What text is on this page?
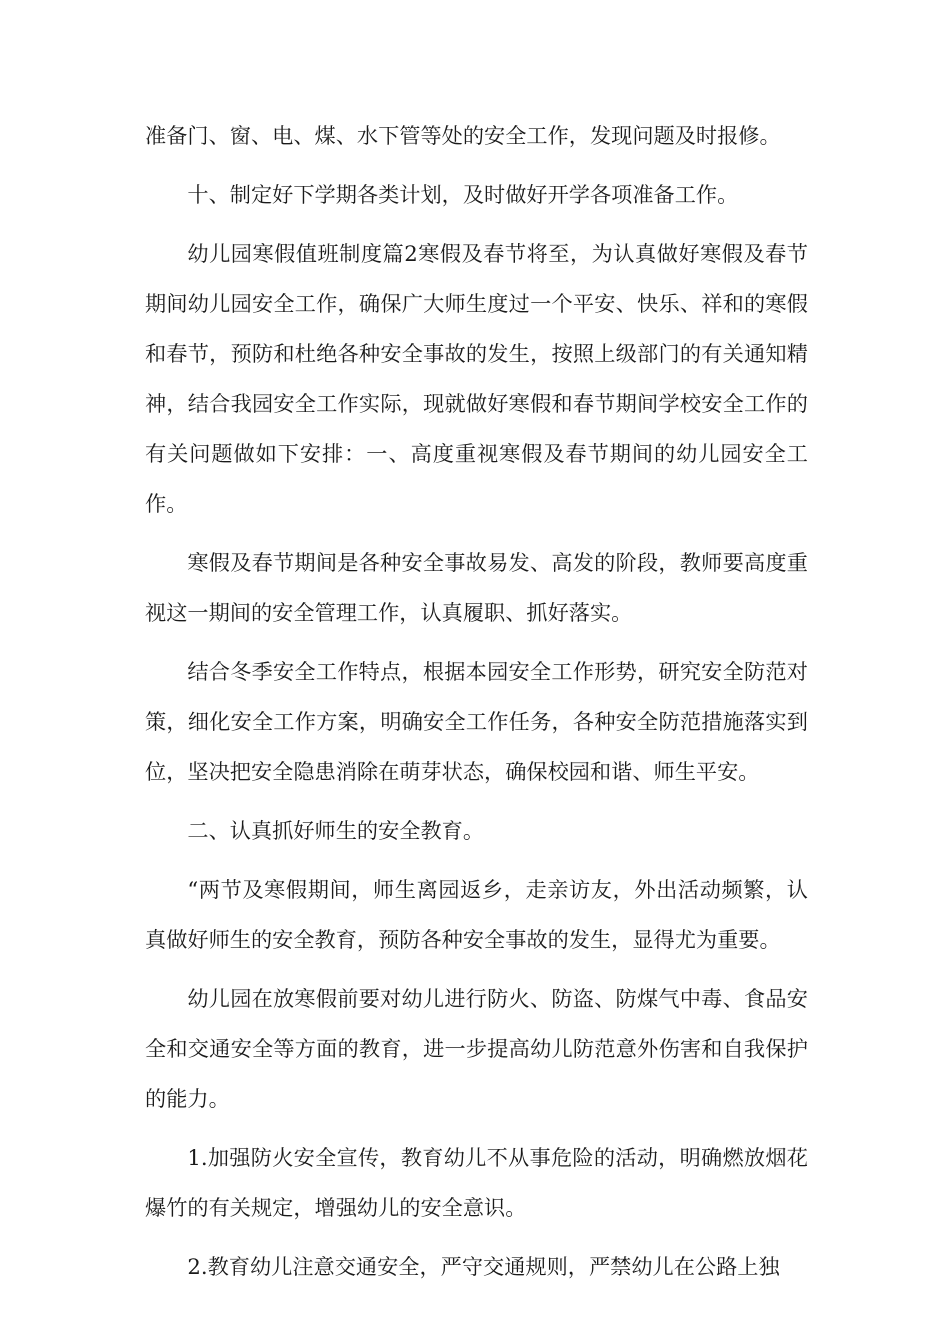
准备门、窗、电、煤、水下管等处的安全工作，发现问题及时报修。

十、制定好下学期各类计划，及时做好开学各项准备工作。

幼儿园寒假值班制度篇2寒假及春节将至，为认真做好寒假及春节期间幼儿园安全工作，确保广大师生度过一个平安、快乐、祥和的寒假和春节，预防和杜绝各种安全事故的发生，按照上级部门的有关通知精神，结合我园安全工作实际，现就做好寒假和春节期间学校安全工作的有关问题做如下安排：一、高度重视寒假及春节期间的幼儿园安全工作。

寒假及春节期间是各种安全事故易发、高发的阶段，教师要高度重视这一期间的安全管理工作，认真履职、抓好落实。

结合冬季安全工作特点，根据本园安全工作形势，研究安全防范对策，细化安全工作方案，明确安全工作任务，各种安全防范措施落实到位，坚决把安全隐患消除在萌芽状态，确保校园和谐、师生平安。

二、认真抓好师生的安全教育。

“两节及寒假期间，师生离园返乡，走亲访友，外出活动频繁，认真做好师生的安全教育，预防各种安全事故的发生，显得尤为重要。

幼儿园在放寒假前要对幼儿进行防火、防盗、防煤气中毒、食品安全和交通安全等方面的教育，进一步提高幼儿防范意外伤害和自我保护的能力。

1.加强防火安全宣传，教育幼儿不从事危险的活动，明确燃放烟花爆竹的有关规定，增强幼儿的安全意识。

2.教育幼儿注意交通安全，严守交通规则，严禁幼儿在公路上独
